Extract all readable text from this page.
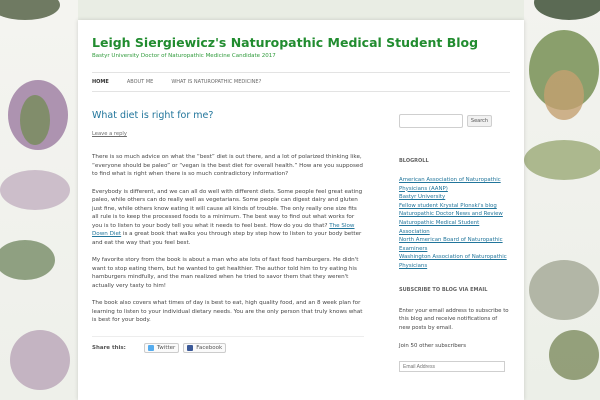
Leigh Siergiewicz's Naturopathic Medical Student Blog
Bastyr University Doctor of Naturopathic Medicine Candidate 2017
HOME	ABOUT ME	WHAT IS NATUROPATHIC MEDICINE?
What diet is right for me?
Leave a reply

There is so much advice on what the “best” diet is out there, and a lot of polarized thinking like, “everyone should be paleo” or “vegan is the best diet for overall health.” How are you supposed to find what is right when there is so much contradictory information?

Everybody is different, and we can all do well with different diets. Some people feel great eating paleo, while others can do really well as vegetarians. Some people can digest dairy and gluten just fine, while others know eating it will cause all kinds of trouble. The only really one size fits all rule is to keep the processed foods to a minimum. The best way to find out what works for you is to listen to your body tell you what it needs to feel best. How do you do that? The Slow Down Diet is a great book that walks you through step by step how to listen to your body better and eat the way that you feel best.

My favorite story from the book is about a man who ate lots of fast food hamburgers. He didn't want to stop eating them, but he wanted to get healthier. The author told him to try eating his hamburgers mindfully, and the man realized when he tried to savor them that they weren't actually very tasty to him!

The book also covers what times of day is best to eat, high quality food, and an 8 week plan for learning to listen to your individual dietary needs. You are the only person that truly knows what is best for your body.

Share this:	Twitter	Facebook
Search
BLOGROLL
American Association of Naturopathic Physicians (AANP)
Bastyr University
Fellow student Krystal Plonski's blog
Naturopathic Doctor News and Review
Naturopathic Medical Student Association
North American Board of Naturopathic Examiners
Washington Association of Naturopathic Physicians
SUBSCRIBE TO BLOG VIA EMAIL
Enter your email address to subscribe to this blog and receive notifications of new posts by email.
Join 50 other subscribers
Email Address
